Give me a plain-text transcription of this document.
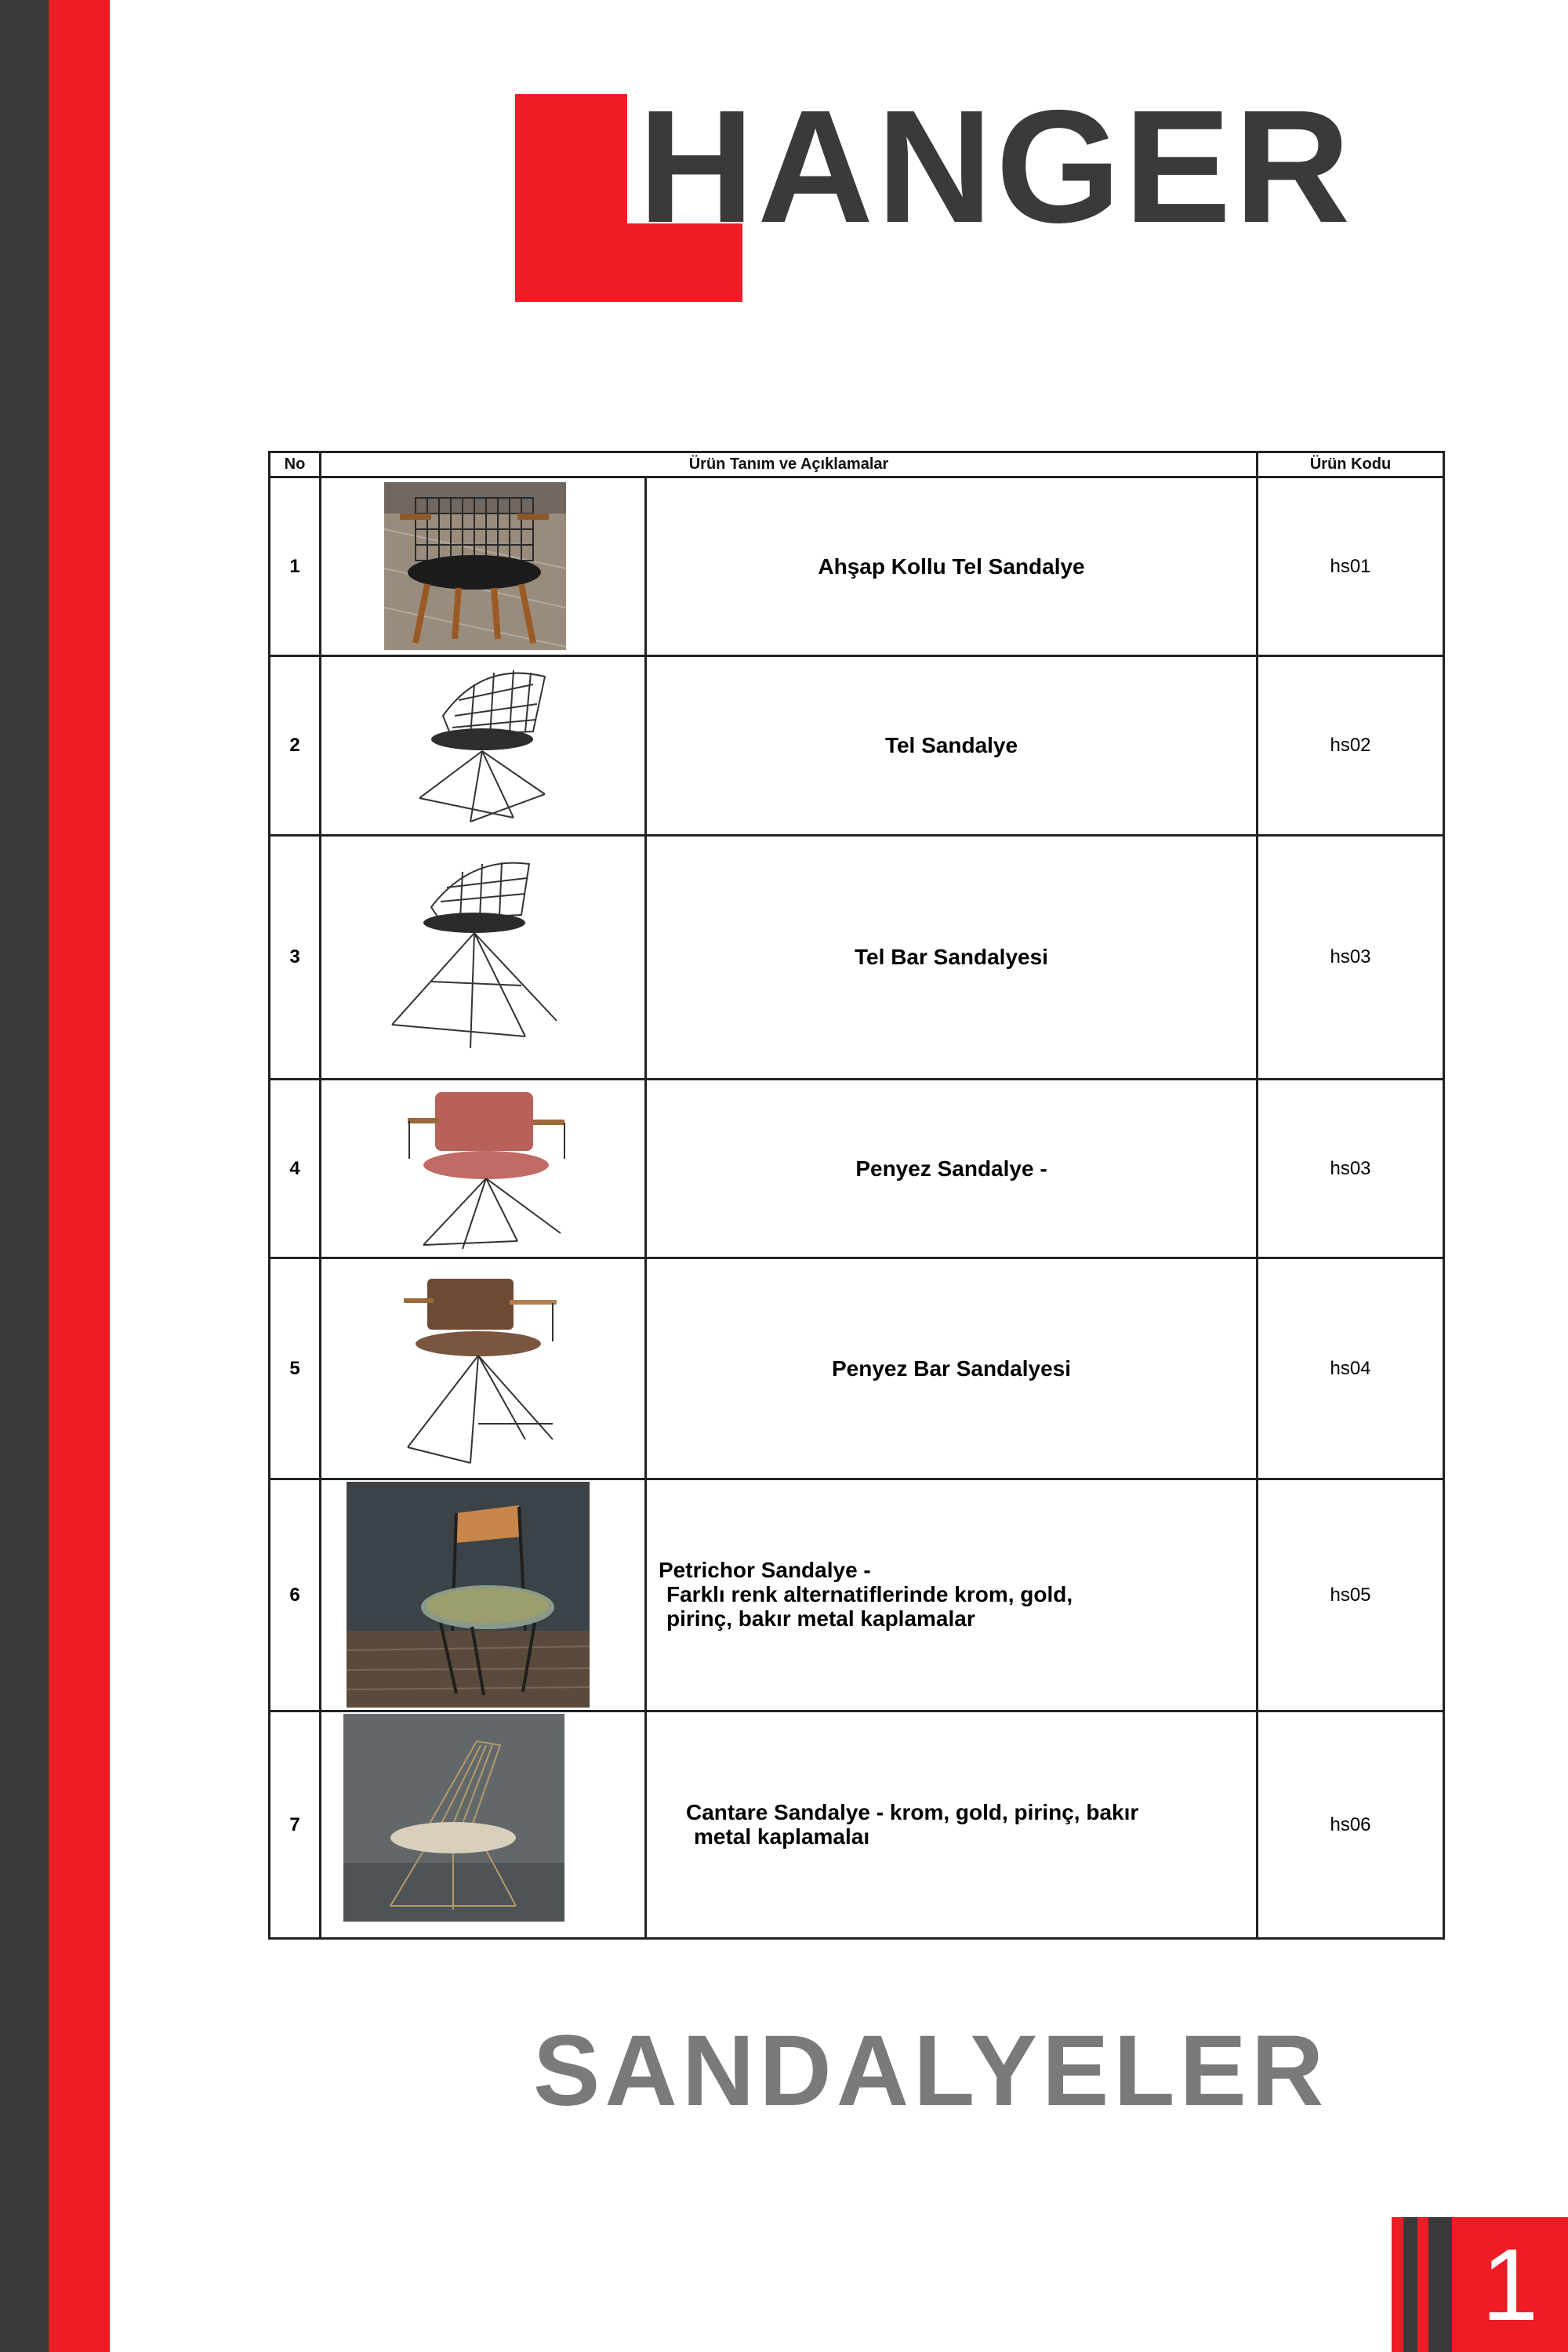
HANGER
No	Ürün Tanım ve Açıklamalar		Ürün Kodu
1		Ahşap Kollu Tel Sandalye	hs01
2		Tel Sandalye	hs02
3		Tel Bar Sandalyesi	hs03
4		Penyez Sandalye -	hs03
5		Penyez Bar Sandalyesi	hs04
6		Petrichor Sandalye -
Farklı renk alternatiflerinde krom, gold,
pirinç, bakır metal kaplamalar	hs05
7		Cantare Sandalye - krom, gold, pirinç, bakır
metal kaplamalaı	hs06
SANDALYELER
1
